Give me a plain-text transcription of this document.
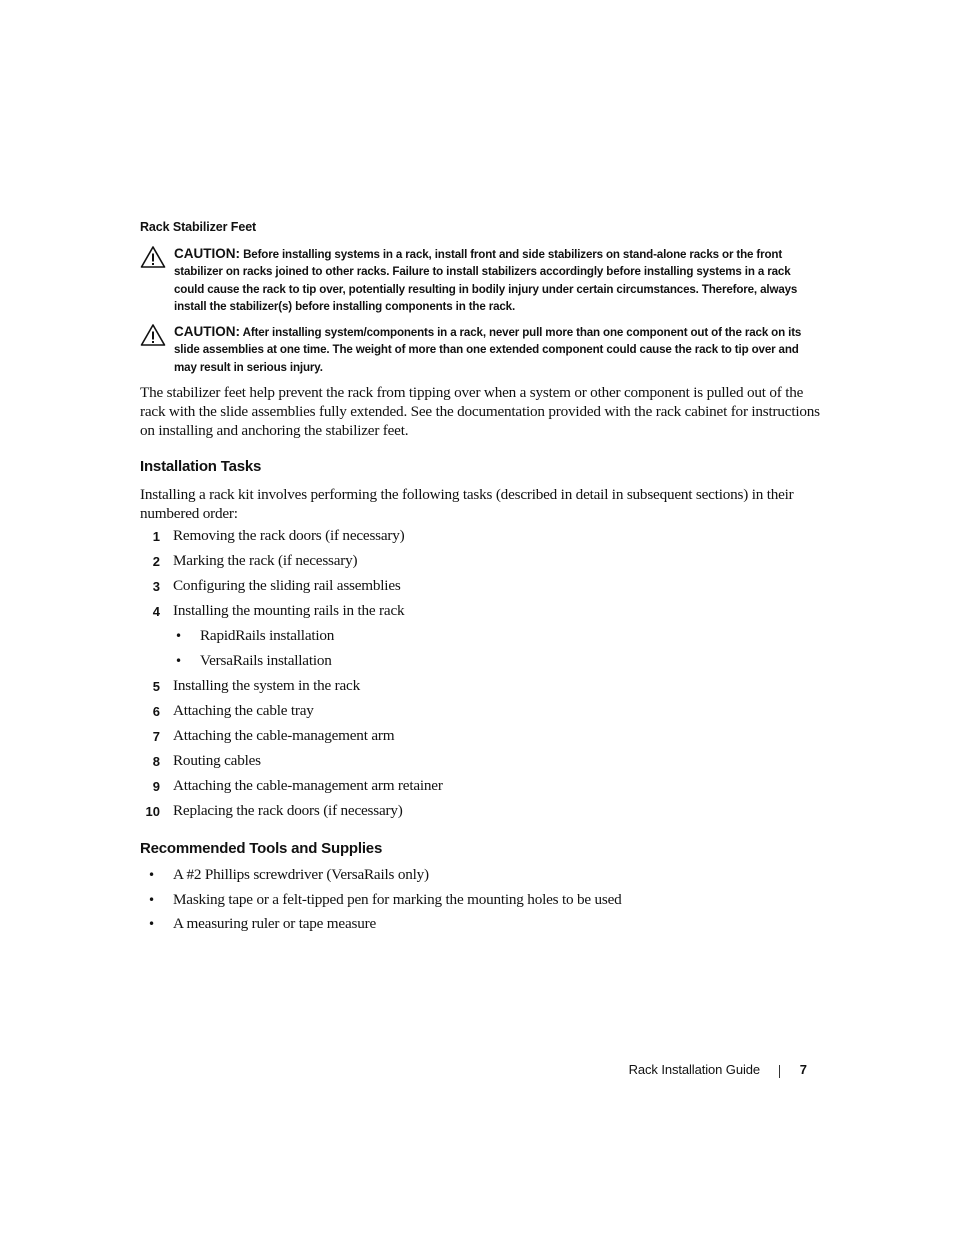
Rack Stabilizer Feet
CAUTION: Before installing systems in a rack, install front and side stabilizers on stand-alone racks or the front stabilizer on racks joined to other racks. Failure to install stabilizers accordingly before installing systems in a rack could cause the rack to tip over, potentially resulting in bodily injury under certain circumstances. Therefore, always install the stabilizer(s) before installing components in the rack.
CAUTION: After installing system/components in a rack, never pull more than one component out of the rack on its slide assemblies at one time. The weight of more than one extended component could cause the rack to tip over and may result in serious injury.
The stabilizer feet help prevent the rack from tipping over when a system or other component is pulled out of the rack with the slide assemblies fully extended. See the documentation provided with the rack cabinet for instructions on installing and anchoring the stabilizer feet.
Installation Tasks
Installing a rack kit involves performing the following tasks (described in detail in subsequent sections) in their numbered order:
1 Removing the rack doors (if necessary)
2 Marking the rack (if necessary)
3 Configuring the sliding rail assemblies
4 Installing the mounting rails in the rack
• RapidRails installation
• VersaRails installation
5 Installing the system in the rack
6 Attaching the cable tray
7 Attaching the cable-management arm
8 Routing cables
9 Attaching the cable-management arm retainer
10 Replacing the rack doors (if necessary)
Recommended Tools and Supplies
• A #2 Phillips screwdriver (VersaRails only)
• Masking tape or a felt-tipped pen for marking the mounting holes to be used
• A measuring ruler or tape measure
Rack Installation Guide	7
